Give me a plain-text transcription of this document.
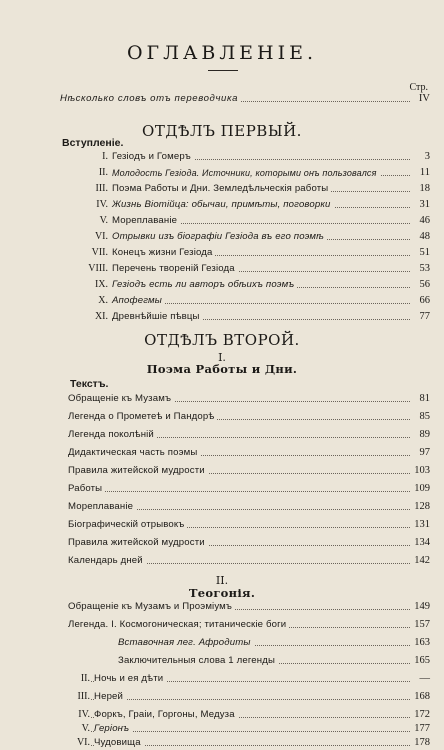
ОГЛАВЛЕНІЕ.
Стр.
Нѣсколько словъ отъ переводчика	IV
ОТДѢЛЪ ПЕРВЫЙ.
Вступленіе.
I. Гезіодъ и Гомеръ	3
II. Молодость Гезіода. Источники, которыми онъ пользовался	11
III. Поэма Работы и Дни. Земледѣльческія работы	18
IV. Жизнь Віотійца: обычаи, примѣты, поговорки	31
V. Мореплаваніе	46
VI. Отрывки изъ біографіи Гезіода въ его поэмѣ	48
VII. Конецъ жизни Гезіода	51
VIII. Перечень твореній Гезіода	53
IX. Гезіодъ есть ли авторъ обѣихъ поэмъ	56
X. Апофегмы	66
XI. Древнѣйшіе пѣвцы	77
ОТДѢЛЪ ВТОРОЙ.
I.
Поэма Работы и Дни.
Текстъ.
Обращеніе къ Музамъ	81
Легенда о Прометеѣ и Пандорѣ	85
Легенда поколѣній	89
Дидактическая часть поэмы	97
Правила житейской мудрости	103
Работы	109
Мореплаваніе	128
Біографическій отрывокъ	131
Правила житейской мудрости	134
Календарь дней	142
II.
Теогонія.
Обращеніе къ Музамъ и Проэміумъ	149
Легенда. I. Космогоническая; титаническіе боги	157
Вставочная лег. Афродиты	163
Заключительныя слова 1 легенды	165
II. Ночь и ея дѣти	—
III. Нерей	168
IV. Форкъ, Граіи, Горгоны, Медуза	172
V. Геріонъ	177
VI. Чудовища	178
